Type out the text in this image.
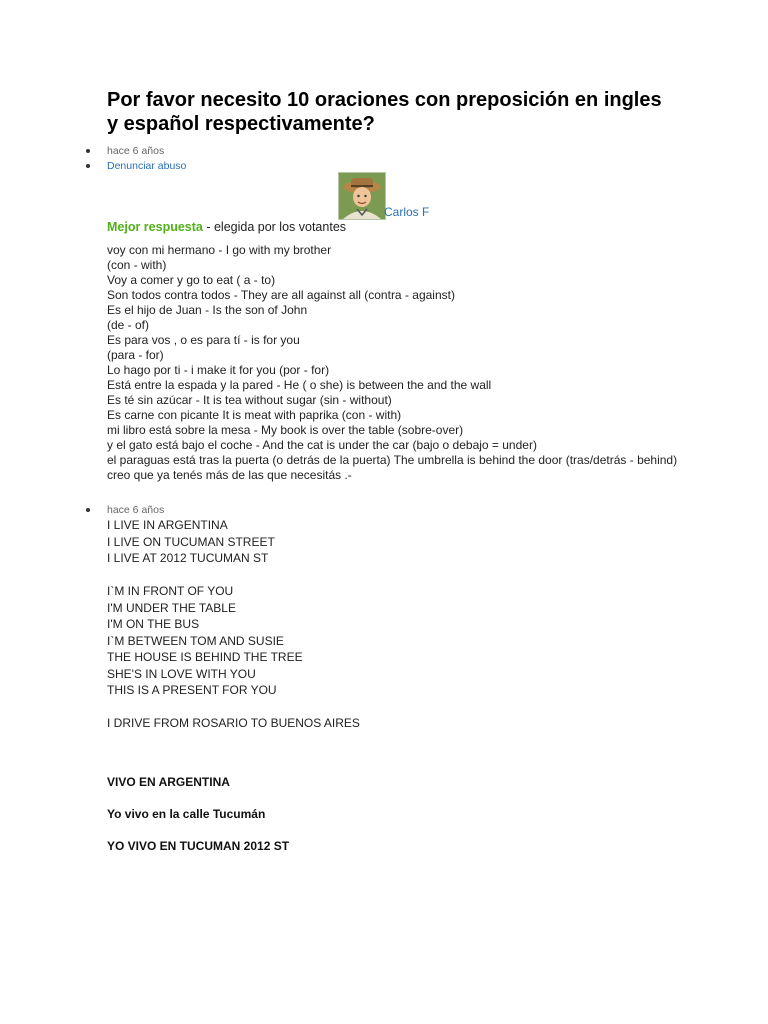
Por favor necesito 10 oraciones con preposición en ingles y español respectivamente?
hace 6 años
Denunciar abuso
Carlos F
Mejor respuesta - elegida por los votantes
voy con mi hermano - I go with my brother
(con - with)
Voy a comer y go to eat ( a - to)
Son todos contra todos - They are all against all (contra - against)
Es el hijo de Juan - Is the son of John
(de - of)
Es para vos , o es para tí - is for you
(para - for)
Lo hago por ti - i make it for you (por - for)
Está entre la espada y la pared - He ( o she) is between the and the wall
Es té sin azúcar - It is tea without sugar (sin - without)
Es carne con picante It is meat with paprika (con - with)
mi libro está sobre la mesa - My book is over the table (sobre-over)
y el gato está bajo el coche - And the cat is under the car (bajo o debajo = under)
el paraguas está tras la puerta (o detrás de la puerta) The umbrella is behind the door (tras/detrás - behind)
creo que ya tenés más de las que necesitás .-
hace 6 años
I LIVE IN ARGENTINA
I LIVE ON TUCUMAN STREET
I LIVE AT 2012 TUCUMAN ST
I`M IN FRONT OF YOU
I'M UNDER THE TABLE
I'M ON THE BUS
I`M BETWEEN TOM AND SUSIE
THE HOUSE IS BEHIND THE TREE
SHE'S IN LOVE WITH YOU
THIS IS A PRESENT FOR YOU
I DRIVE FROM ROSARIO TO BUENOS AIRES
VIVO EN ARGENTINA
Yo vivo en la calle Tucumán
YO VIVO EN TUCUMAN 2012 ST
